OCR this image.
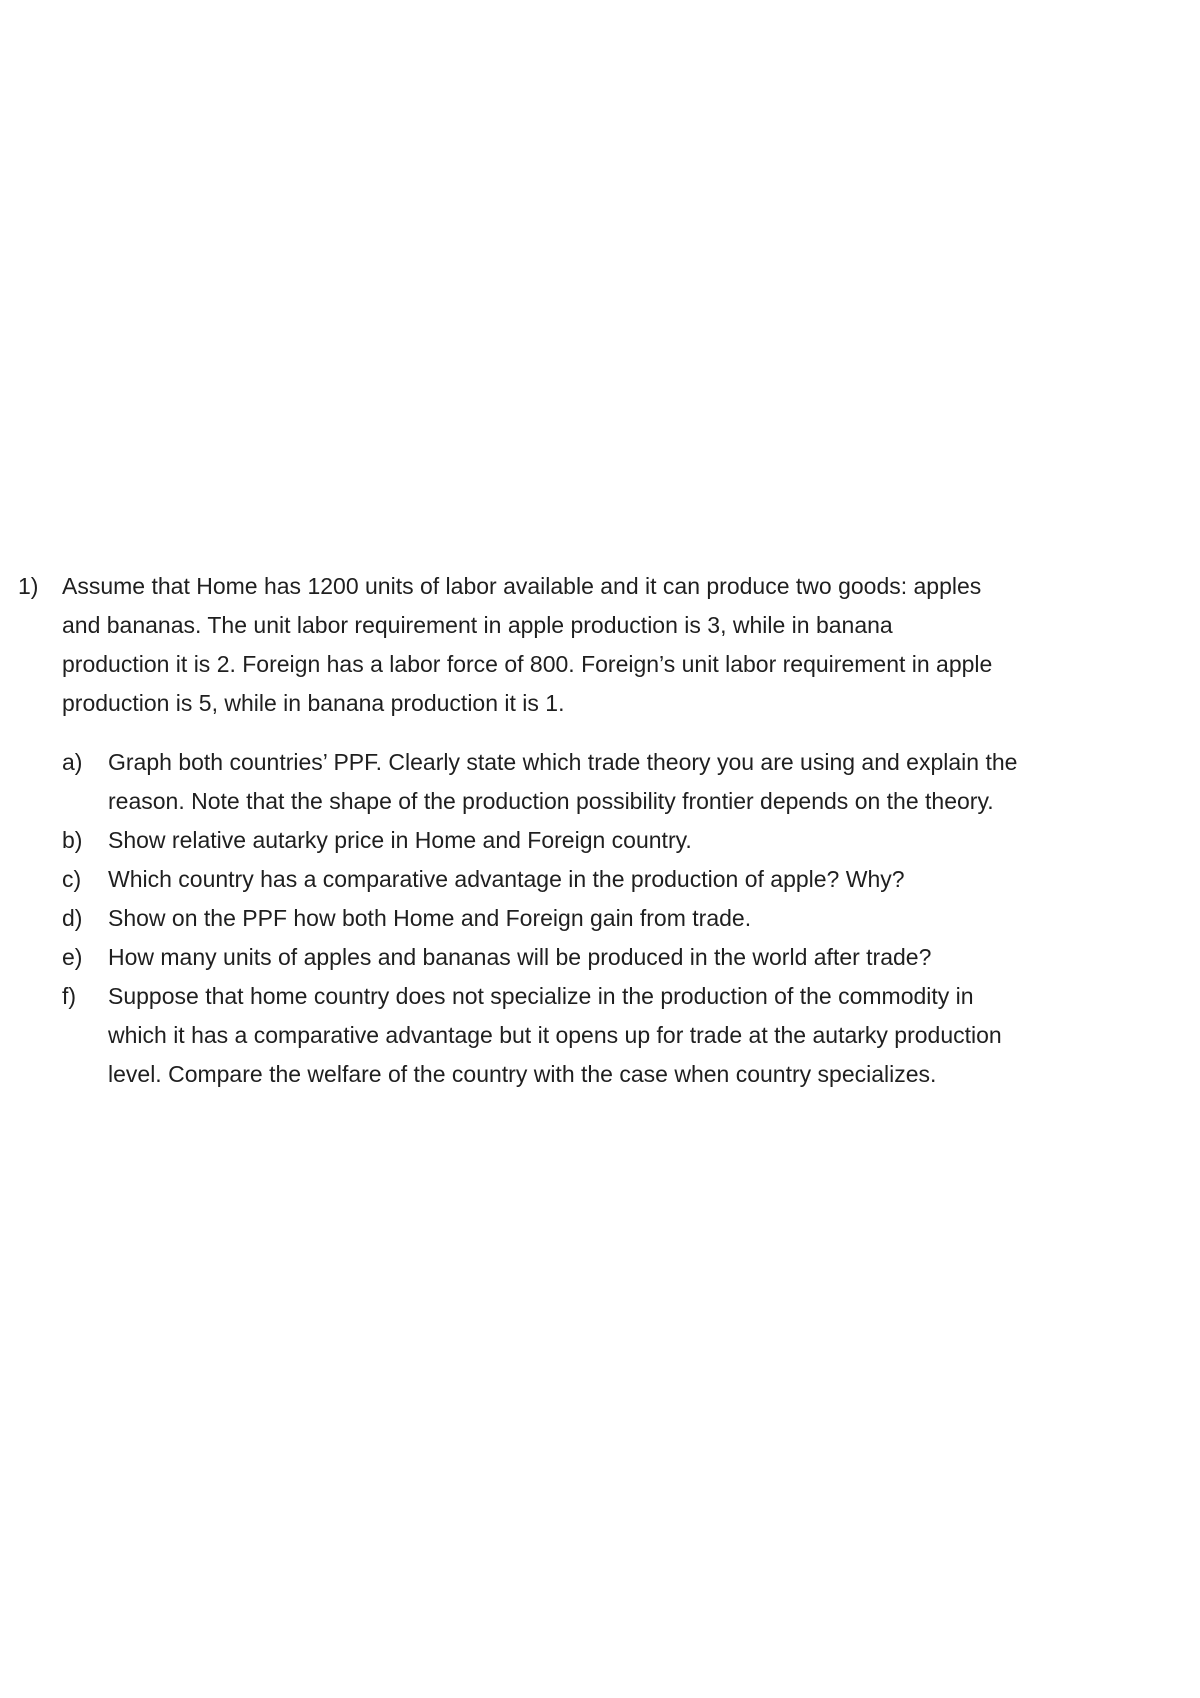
1)	Assume that Home has 1200 units of labor available and it can produce two goods: apples
and bananas. The unit labor requirement in apple production is 3, while in banana
production it is 2. Foreign has a labor force of 800. Foreign’s unit labor requirement in apple
production is 5, while in banana production it is 1.
a)	Graph both countries’ PPF. Clearly state which trade theory you are using and explain the
reason. Note that the shape of the production possibility frontier depends on the theory.
b)	Show relative autarky price in Home and Foreign country.
c)	Which country has a comparative advantage in the production of apple? Why?
d)	Show on the PPF how both Home and Foreign gain from trade.
e)	How many units of apples and bananas will be produced in the world after trade?
f)	Suppose that home country does not specialize in the production of the commodity in
which it has a comparative advantage but it opens up for trade at the autarky production
level. Compare the welfare of the country with the case when country specializes.
